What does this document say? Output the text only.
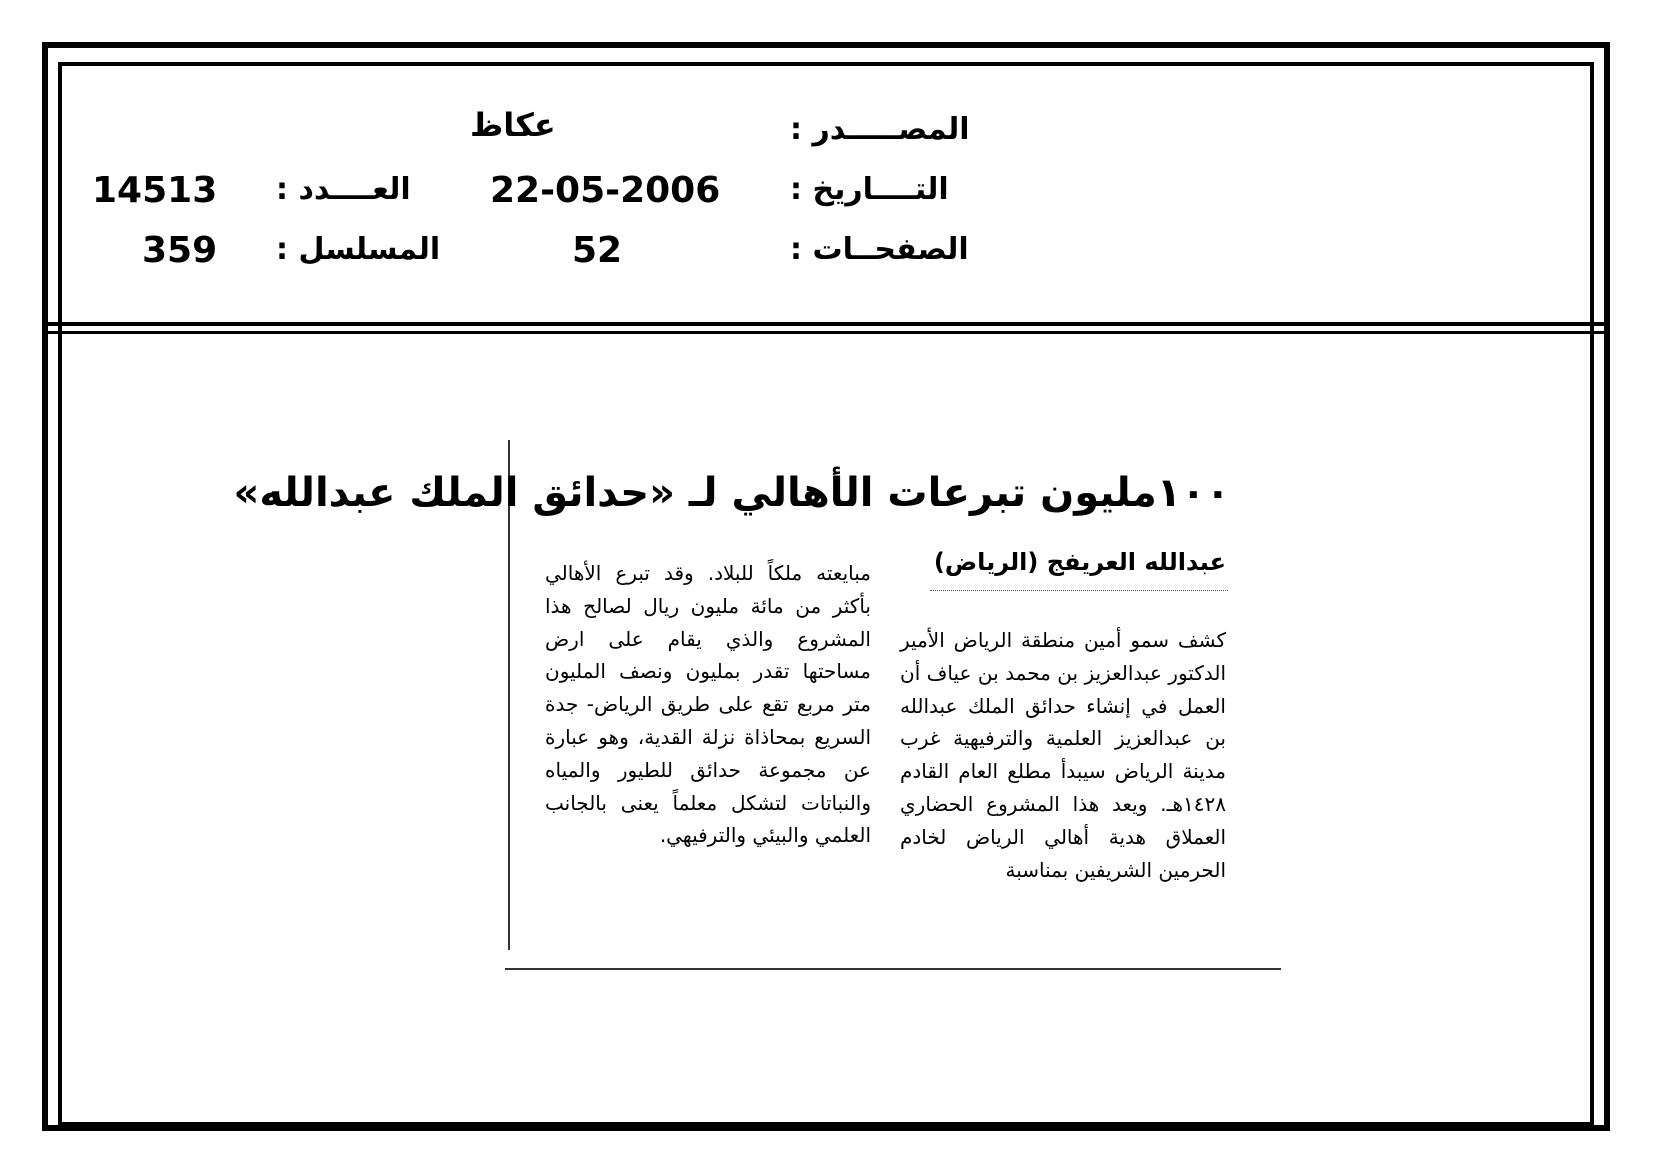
المصـــــدر :
عكاظ
التــــاريخ :
22-05-2006
العــــدد :
14513
الصفحــات :
52
المسلسل :
359
١٠٠مليون تبرعات الأهالي لـ «حدائق الملك عبدالله»
عبدالله العريفج (الرياض)

كشف سمو أمين منطقة الرياض الأمير الدكتور عبدالعزيز بن محمد بن عياف أن العمل في إنشاء حدائق الملك عبدالله بن عبدالعزيز العلمية والترفيهية غرب مدينة الرياض سيبدأ مطلع العام القادم ١٤٢٨هـ. ويعد هذا المشروع الحضاري العملاق هدية أهالي الرياض لخادم الحرمين الشريفين بمناسبة

مبايعته ملكاً للبلاد. وقد تبرع الأهالي بأكثر من مائة مليون ريال لصالح هذا المشروع والذي يقام على ارض مساحتها تقدر بمليون ونصف المليون متر مربع تقع على طريق الرياض- جدة السريع بمحاذاة نزلة القدية، وهو عبارة عن مجموعة حدائق للطيور والمياه والنباتات لتشكل معلماً يعنى بالجانب العلمي والبيئي والترفيهي.
